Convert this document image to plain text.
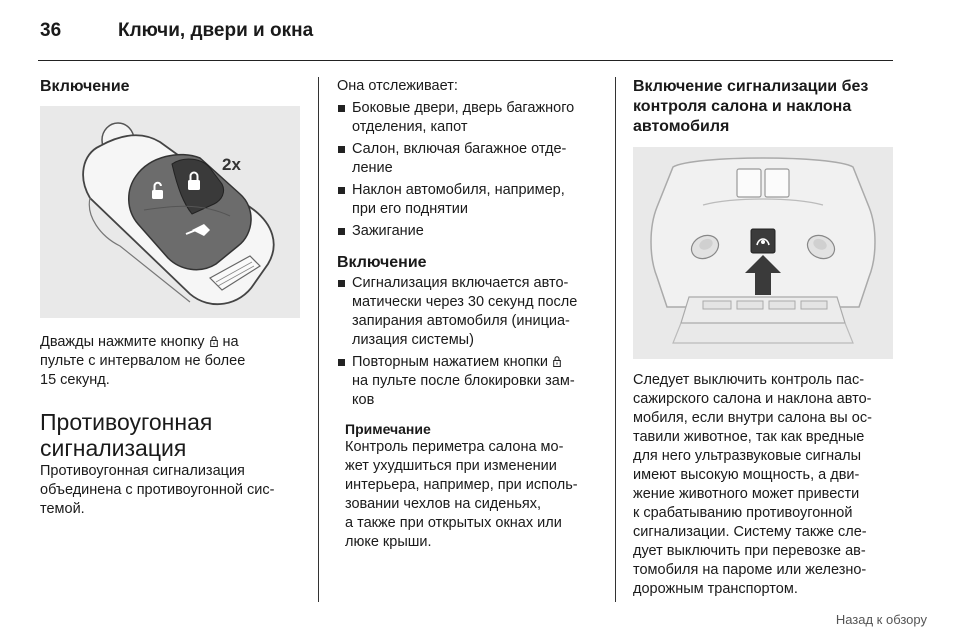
36	Ключи, двери и окна
Включение
2x

Дважды нажмите кнопку на

пульте с интервалом не более

15 секунд.

Противоугонная

сигнализация

Противоугонная сигнализация

объединена с противоугонной сис-

темой.

Она отслеживает:

Боковые двери, дверь багажного
отделения, капот
Салон, включая багажное отде-
ление
Наклон автомобиля, например,
при его поднятии
Зажигание
Включение
Сигнализация включается авто-
матически через 30 секунд после
запирания автомобиля (инициа-
лизация системы)
Повторным нажатием кнопки
на пульте после блокировки зам-
ков

Примечание

Контроль периметра салона мо-

жет ухудшиться при изменении

интерьера, например, при исполь-

зовании чехлов на сиденьях,

а также при открытых окнах или

люке крыши.

Включение сигнализации без
контроля салона и наклона
автомобиля

Следует выключить контроль пас-

сажирского салона и наклона авто-

мобиля, если внутри салона вы ос-

тавили животное, так как вредные

для него ультразвуковые сигналы

имеют высокую мощность, а дви-

жение животного может привести

к срабатыванию противоугонной

сигнализации. Систему также сле-

дует выключить при перевозке ав-

томобиля на пароме или железно-

дорожным транспортом.

Назад к обзору
